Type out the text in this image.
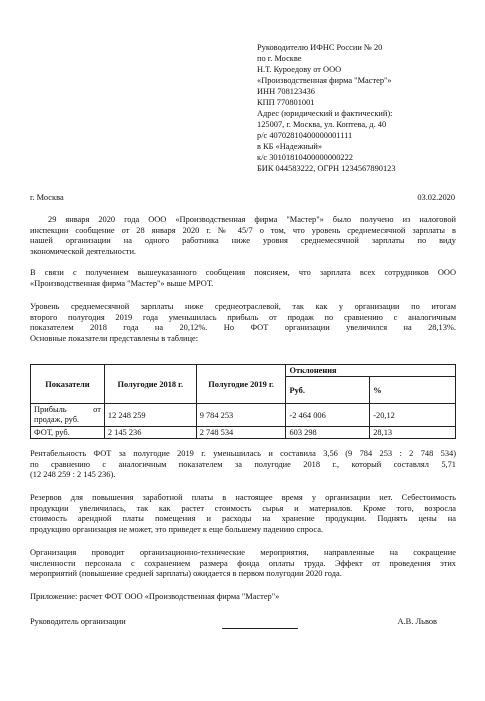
Руководителю ИФНС России № 20
по г. Москве
Н.Т. Куроедову от ООО
«Производственная фирма "Мастер"»
ИНН 708123436
КПП 770801001
Адрес (юридический и фактический):
125007, г. Москва, ул. Коптева, д. 40
р/с 40702810400000001111
в КБ «Надежный»
к/с 30101810400000000222
БИК 044583222, ОГРН 1234567890123
г. Москва	03.02.2020
29 января 2020 года ООО «Производственная фирма "Мастер"» было получено из налоговой
инспекции сообщение от 28 января 2020 г. № 45/7 о том, что уровень среднемесячной зарплаты в
нашей организации на одного работника ниже уровня среднемесячной зарплаты по виду
экономической деятельности.
В связи с получением вышеуказанного сообщения поясняем, что зарплата всех сотрудников ООО
«Производственная фирма "Мастер"» выше МРОТ.
Уровень среднемесячной зарплаты ниже среднеотраслевой, так как у организации по итогам
второго полугодия 2019 года уменьшилась прибыль от продаж по сравнению с аналогичным
показателем 2018 года на 20,12%. Но ФОТ организации увеличился на 28,13%.
Основные показатели представлены в таблице:
Показатели	Полугодие 2018 г.	Полугодие 2019 г.	Отклонения	
			Руб.	%
Прибыль от продаж, руб.	12 248 259	9 784 253	-2 464 006	-20,12
ФОТ, руб.	2 145 236	2 748 534	603 298	28,13
Рентабельность ФОТ за полугодие 2019 г. уменьшилась и составила 3,56 (9 784 253 : 2 748 534)
по сравнению с аналогичным показателем за полугодие 2018 г., который составлял 5,71
(12 248 259 : 2 145 236).
Резервов для повышения заработной платы в настоящее время у организации нет. Себестоимость
продукции увеличилась, так как растет стоимость сырья и материалов. Кроме того, возросла
стоимость арендной платы помещения и расходы на хранение продукции. Поднять цены на
продукцию организация не может, это приведет к еще большему падению спроса.
Организация проводит организационно-технические мероприятия, направленные на сокращение
численности персонала с сохранением размера фонда оплаты труда. Эффект от проведения этих
мероприятий (повышение средней зарплаты) ожидается в первом полугодии 2020 года.
Приложение: расчет ФОТ ООО «Производственная фирма "Мастер"»
Руководитель организации	А.В. Львов
